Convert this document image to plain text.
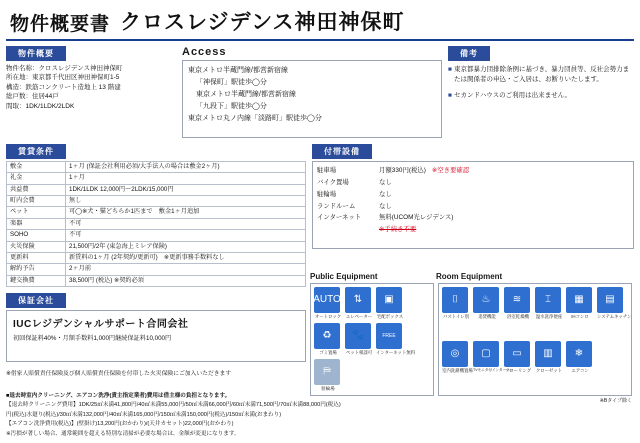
物件概要書 クロスレジデンス神田神保町
物件概要
物件名称：クロスレジデンス神田神保町
所在地：東京都千代田区神田神保町1-5
構造：鉄筋コンクリート造地上 13 階建
総戸数：住居44戸
間取：1DK/1LDK/2LDK
Access
東京メトロ半蔵門線/都営新宿線
「神保町」駅徒歩◯分
東京メトロ半蔵門線/都営新宿線
「九段下」駅徒歩◯分
東京メトロ丸ノ内線「淡路町」駅徒歩◯分
備考
■ 東京都暴力団排除条例に基づき、暴力団員等、反社会勢力または関係者の申込・ご入居は、お断りいたします。
■ セカンドハウスのご利用は出来ません。
賃貸条件
敷金	1ヶ月 (保証会社利用必須/大手法人の場合は敷金2ヶ月)
礼金	1ヶ月
共益費	1DK/1LDK 12,000円～2LDK/15,000円
町内会費	無し
ペット	可◯※犬・猫どちらか1匹まで　敷金1ヶ月追加
楽器	不可
SOHO	不可
火災保険	21,500円/2年 (東急海上ミレア保険)
更新料	新賃料の1ヶ月 (2年契約/更新可)　※更新事務手数料なし
解約予告	2ヶ月前
鍵交換費	38,500円 (税込) ※契約必須
付帯設備
駐車場	月額330円(税込) ※空き要確認
バイク置場	なし
駐輪場	なし
ランドルーム	なし
インターネット	無料(UCOM光レジデンス)
※手続き不要
保証会社
IUCレジデンシャルサポート合同会社
初回保証料40%・月額手数料1,000円継続保証料10,000円
※借家人賠償責任保険及び個人賠償責任保険を付帯した火災保険にご加入いただきます
Public Equipment	Room Equipment
AUTO
オートロック
⇅
エレベーター
▣
宅配ボックス
♻
ゴミ置場
🐾
ペット相談可
FREE
インターネット無料
⛿
駐輪場
⌷
バストイレ別
♨
追焚機能
≋
浴室乾燥機
⌶
温水洗浄便座
▦
IHコンロ
▤
システムキッチン
◎
室内洗濯機置場
▢
TVモニタ付インターホン
▭
フローリング
▥
クローゼット
❄
エアコン
※Bタイプ除く
■退去時室内クリーニング、エアコン洗浄(責主指定業者)費用は借主様の負担となります。
【退去時クリーニング費用】1DK/25㎡未満41,800円/40㎡未満55,000円/50㎡未満66,000円/60㎡未満71,500円/70㎡未満88,000円(税込)
円(税込)水廻り(税込)/30㎡未満132,000円/40㎡未満165,000円/150㎡未満150,000円(税込)/150㎡未満(おまわり)
【エアコン洗浄費用(税込)】(壁掛け)13,200円(おかわり)/(天井カセット)22,000円(おかわり)
※汚損が著しい場合、通常範囲を超える特別な清掃が必要な場合は、金額が変更になります。
